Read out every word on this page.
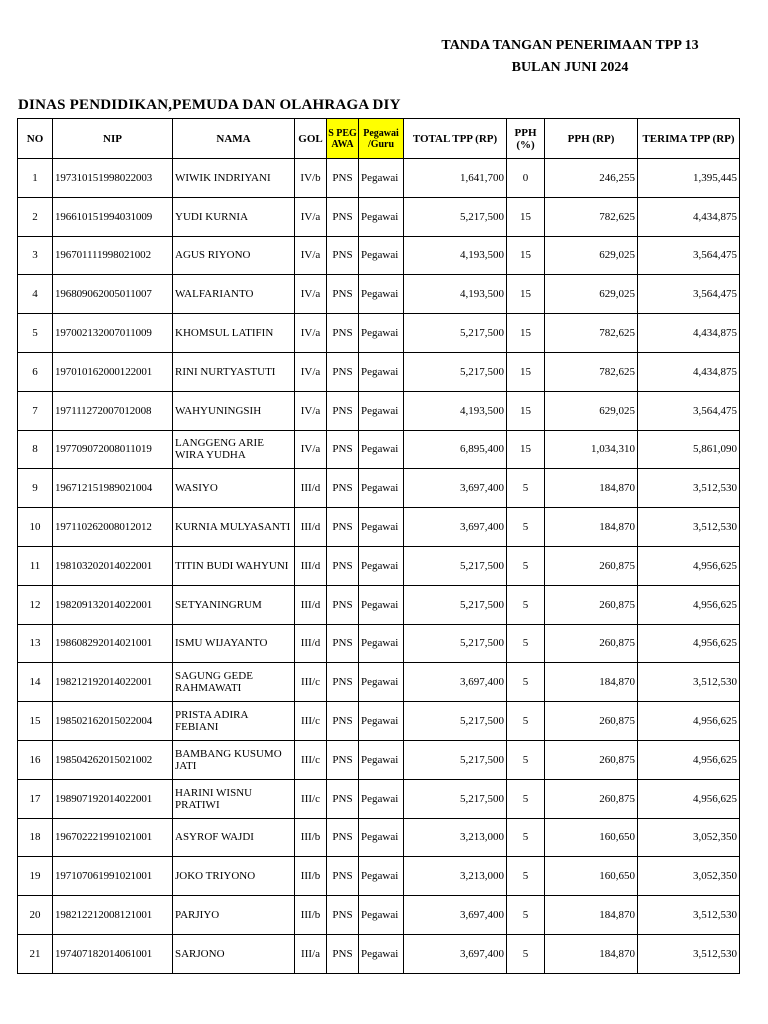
TANDA TANGAN PENERIMAAN TPP 13
BULAN JUNI 2024
DINAS PENDIDIKAN,PEMUDA DAN OLAHRAGA DIY
NO	NIP	NAMA	GOL	S PEG AWA	Pegawai /Guru	TOTAL TPP (RP)	PPH (%)	PPH (RP)	TERIMA TPP (RP)
1	197310151998022003	WIWIK INDRIYANI	IV/b	PNS	Pegawai	1,641,700	0	246,255	1,395,445
2	196610151994031009	YUDI KURNIA	IV/a	PNS	Pegawai	5,217,500	15	782,625	4,434,875
3	196701111998021002	AGUS RIYONO	IV/a	PNS	Pegawai	4,193,500	15	629,025	3,564,475
4	196809062005011007	WALFARIANTO	IV/a	PNS	Pegawai	4,193,500	15	629,025	3,564,475
5	197002132007011009	KHOMSUL LATIFIN	IV/a	PNS	Pegawai	5,217,500	15	782,625	4,434,875
6	197010162000122001	RINI NURTYASTUTI	IV/a	PNS	Pegawai	5,217,500	15	782,625	4,434,875
7	197111272007012008	WAHYUNINGSIH	IV/a	PNS	Pegawai	4,193,500	15	629,025	3,564,475
8	197709072008011019	LANGGENG ARIE WIRA YUDHA	IV/a	PNS	Pegawai	6,895,400	15	1,034,310	5,861,090
9	196712151989021004	WASIYO	III/d	PNS	Pegawai	3,697,400	5	184,870	3,512,530
10	197110262008012012	KURNIA MULYASANTI	III/d	PNS	Pegawai	3,697,400	5	184,870	3,512,530
11	198103202014022001	TITIN BUDI WAHYUNI	III/d	PNS	Pegawai	5,217,500	5	260,875	4,956,625
12	198209132014022001	SETYANINGRUM	III/d	PNS	Pegawai	5,217,500	5	260,875	4,956,625
13	198608292014021001	ISMU WIJAYANTO	III/d	PNS	Pegawai	5,217,500	5	260,875	4,956,625
14	198212192014022001	SAGUNG GEDE RAHMAWATI	III/c	PNS	Pegawai	3,697,400	5	184,870	3,512,530
15	198502162015022004	PRISTA ADIRA FEBIANI	III/c	PNS	Pegawai	5,217,500	5	260,875	4,956,625
16	198504262015021002	BAMBANG KUSUMO JATI	III/c	PNS	Pegawai	5,217,500	5	260,875	4,956,625
17	198907192014022001	HARINI WISNU PRATIWI	III/c	PNS	Pegawai	5,217,500	5	260,875	4,956,625
18	196702221991021001	ASYROF WAJDI	III/b	PNS	Pegawai	3,213,000	5	160,650	3,052,350
19	197107061991021001	JOKO TRIYONO	III/b	PNS	Pegawai	3,213,000	5	160,650	3,052,350
20	198212212008121001	PARJIYO	III/b	PNS	Pegawai	3,697,400	5	184,870	3,512,530
21	197407182014061001	SARJONO	III/a	PNS	Pegawai	3,697,400	5	184,870	3,512,530
